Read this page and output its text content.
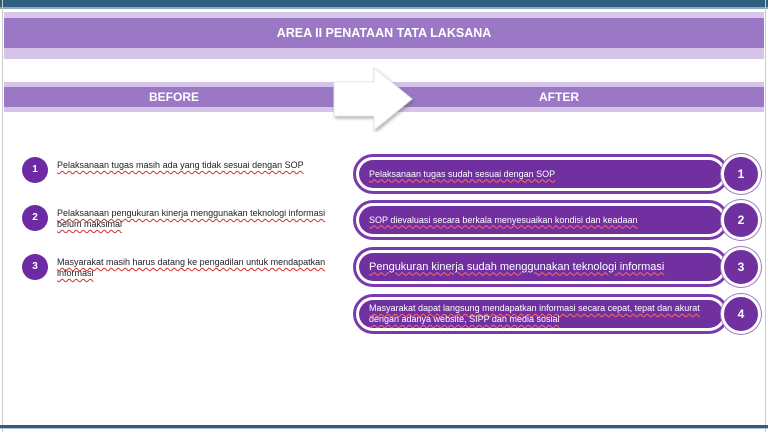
AREA II PENATAAN TATA LAKSANA
BEFORE	AFTER
1	Pelaksanaan tugas masih ada yang tidak sesuai dengan SOP
2	Pelaksanaan pengukuran kinerja menggunakan teknologi informasi belum maksimal
3	Masyarakat masih harus datang ke pengadilan untuk mendapatkan informasi
Pelaksanaan tugas sudah sesuai dengan SOP	1
SOP dievaluasi secara berkala menyesuaikan kondisi dan keadaan	2
Pengukuran kinerja sudah menggunakan teknologi informasi	3
Masyarakat dapat langsung mendapatkan informasi secara cepat, tepat dan akurat dengan adanya website, SIPP dan media sosial	4
